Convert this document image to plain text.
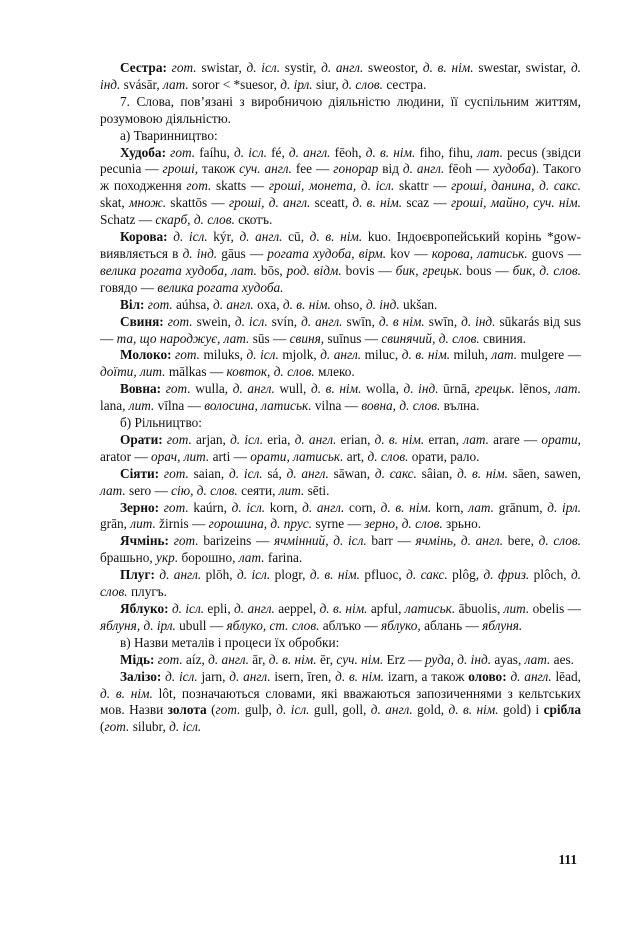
Сестра: гот. swistar, д. ісл. systir, д. англ. sweostor, д. в. нім. swestar, swistar, д. інд. svásār, лат. soror < *suesor, д. ірл. siur, д. слов. сестра.

7. Слова, пов’язані з виробничою діяльністю людини, її суспільним життям, розумовою діяльністю.

а) Тваринництво:

Худоба: гот. faíhu, д. ісл. fé, д. англ. fēoh, д. в. нім. fiho, fihu, лат. pecus (звідси pecunia — гроші, також суч. англ. fee — гонорар від д. англ. fēoh — худоба). Такого ж походження гот. skatts — гроші, монета, д. ісл. skattr — гроші, данина, д. сакс. skat, множ. skattōs — гроші, д. англ. sceatt, д. в. нім. scaz — гроші, майно, суч. нім. Schatz — скарб, д. слов. скотъ.

Корова: д. ісл. kýr, д. англ. cū, д. в. нім. kuo. Індоєвропейський корінь *gow- виявляється в д. інд. gāus — рогата худоба, вірм. kov — корова, латиськ. guovs — велика рогата худоба, лат. bōs, род. відм. bovis — бик, грецьк. bous — бик, д. слов. говядо — велика рогата худоба.

Віл: гот. aúhsa, д. англ. oxa, д. в. нім. ohso, д. інд. ukšan.

Свиня: гот. swein, д. ісл. svín, д. англ. swīn, д. в нім. swīn, д. інд. sūkarás від sus — та, що народжує, лат. sūs — свиня, suīnus — свинячий, д. слов. свиния.

Молоко: гот. miluks, д. ісл. mjolk, д. англ. miluc, д. в. нім. miluh, лат. mulgere — доїти, лит. mālkas — ковток, д. слов. млеко.

Вовна: гот. wulla, д. англ. wull, д. в. нім. wolla, д. інд. ūrnā, грецьк. lēnos, лат. lana, лит. vīlna — волосина, латиськ. vilna — вовна, д. слов. вълна.

б) Рільництво:

Орати: гот. arjan, д. ісл. eria, д. англ. erian, д. в. нім. erran, лат. arare — орати, arator — орач, лит. arti — орати, латиськ. art, д. слов. орати, рало.

Сіяти: гот. saian, д. ісл. sá, д. англ. sāwan, д. сакс. sâian, д. в. нім. sāen, sawen, лат. sero — сію, д. слов. сеяти, лит. sēti.

Зерно: гот. kaúrn, д. ісл. korn, д. англ. corn, д. в. нім. korn, лат. grānum, д. ірл. grān, лит. žirnis — горошина, д. прус. syrne — зерно, д. слов. зрьно.

Ячмінь: гот. barizeins — ячмінний, д. ісл. barr — ячмінь, д. англ. bere, д. слов. брашьно, укр. борошно, лат. farina.

Плуг: д. англ. plōh, д. ісл. plogr, д. в. нім. pfluoc, д. сакс. plôg, д. фриз. plôch, д. слов. плугъ.

Яблуко: д. ісл. epli, д. англ. aeppel, д. в. нім. apful, латиськ. ābuolis, лит. obelis — яблуня, д. ірл. ubull — яблуко, ст. слов. аблъко — яблуко, аблань — яблуня.

в) Назви металів і процеси їх обробки:

Мідь: гот. aíz, д. англ. ār, д. в. нім. ēr, суч. нім. Erz — руда, д. інд. ayas, лат. aes.

Залізо: д. ісл. jarn, д. англ. isern, īren, д. в. нім. izarn, а також олово: д. англ. lēad, д. в. нім. lôt, позначаються словами, які вважаються запозиченнями з кельтських мов. Назви золота (гот. gulþ, д. ісл. gull, goll, д. англ. gold, д. в. нім. gold) і срібла (гот. silubr, д. ісл.

111
